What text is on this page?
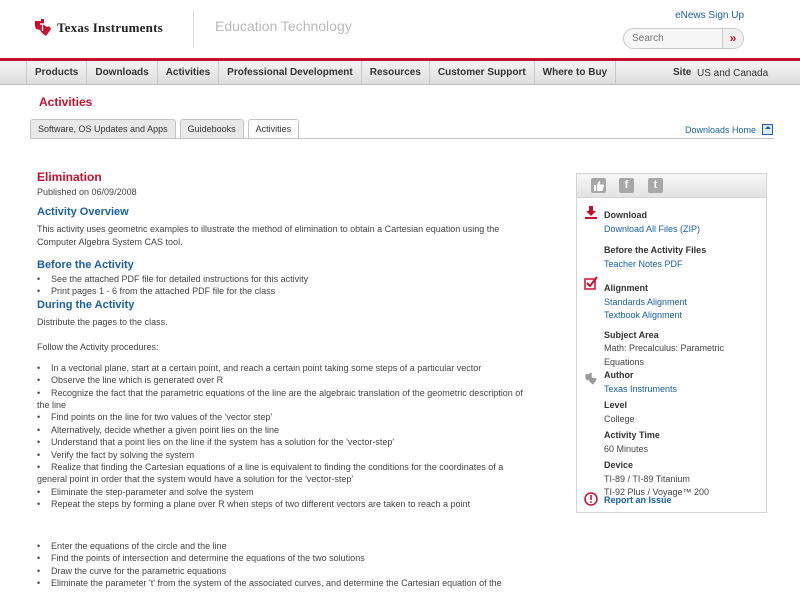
Texas Instruments	Education Technology
eNews Sign Up
Search
»
Products	Downloads	Activities	Professional Development	Resources	Customer Support	Where to Buy	Site US and Canada
Activities
Software, OS Updates and Apps	Guidebooks	Activities	Downloads Home
Elimination
Published on 06/09/2008
Activity Overview
This activity uses geometric examples to illustrate the method of elimination to obtain a Cartesian equation using the Computer Algebra System CAS tool.
Before the Activity
• See the attached PDF file for detailed instructions for this activity
• Print pages 1 - 6 from the attached PDF file for the class
During the Activity
Distribute the pages to the class.
Follow the Activity procedures:
• In a vectorial plane, start at a certain point, and reach a certain point taking some steps of a particular vector
• Observe the line which is generated over R
• Recognize the fact that the parametric equations of the line are the algebraic translation of the geometric description of the line
• Find points on the line for two values of the 'vector step'
• Alternatively, decide whether a given point lies on the line
• Understand that a point lies on the line if the system has a solution for the 'vector-step'
• Verify the fact by solving the system
• Realize that finding the Cartesian equations of a line is equivalent to finding the conditions for the coordinates of a general point in order that the system would have a solution for the 'vector-step'
• Eliminate the step-parameter and solve the system
• Repeat the steps by forming a plane over R when steps of two different vectors are taken to reach a point
• Enter the equations of the circle and the line
• Find the points of intersection and determine the equations of the two solutions
• Draw the curve for the parametric equations
• Eliminate the parameter 't' from the system of the associated curves, and determine the Cartesian equation of the
f	t
Download
Download All Files (ZIP)
Before the Activity Files
Teacher Notes PDF
Alignment
Standards Alignment
Textbook Alignment
Subject Area
Math: Precalculus: Parametric Equations
Author
Texas Instruments
Level
College
Activity Time
60 Minutes
Device
TI-89 / TI-89 Titanium
TI-92 Plus / Voyage™ 200
Report an Issue
